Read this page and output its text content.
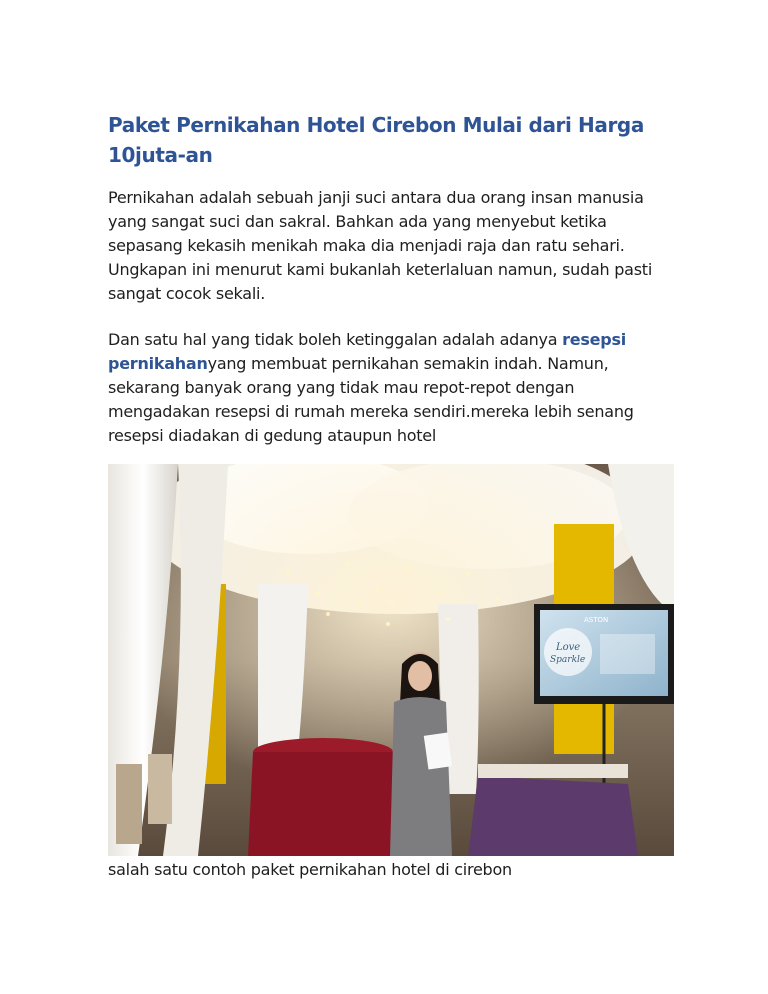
Paket Pernikahan Hotel Cirebon Mulai dari Harga 10juta-an

Pernikahan adalah sebuah janji suci antara dua orang insan manusia yang sangat suci dan sakral. Bahkan ada yang menyebut ketika sepasang kekasih menikah maka dia menjadi raja dan ratu sehari. Ungkapan ini menurut kami bukanlah keterlaluan namun, sudah pasti sangat cocok sekali.

Dan satu hal yang tidak boleh ketinggalan adalah adanya resepsi pernikahanyang membuat pernikahan semakin indah. Namun, sekarang banyak orang yang tidak mau repot-repot dengan mengadakan resepsi di rumah mereka sendiri.mereka lebih senang resepsi diadakan di gedung ataupun hotel

ASTON
Love
Sparkle

salah satu contoh paket pernikahan hotel di cirebon
